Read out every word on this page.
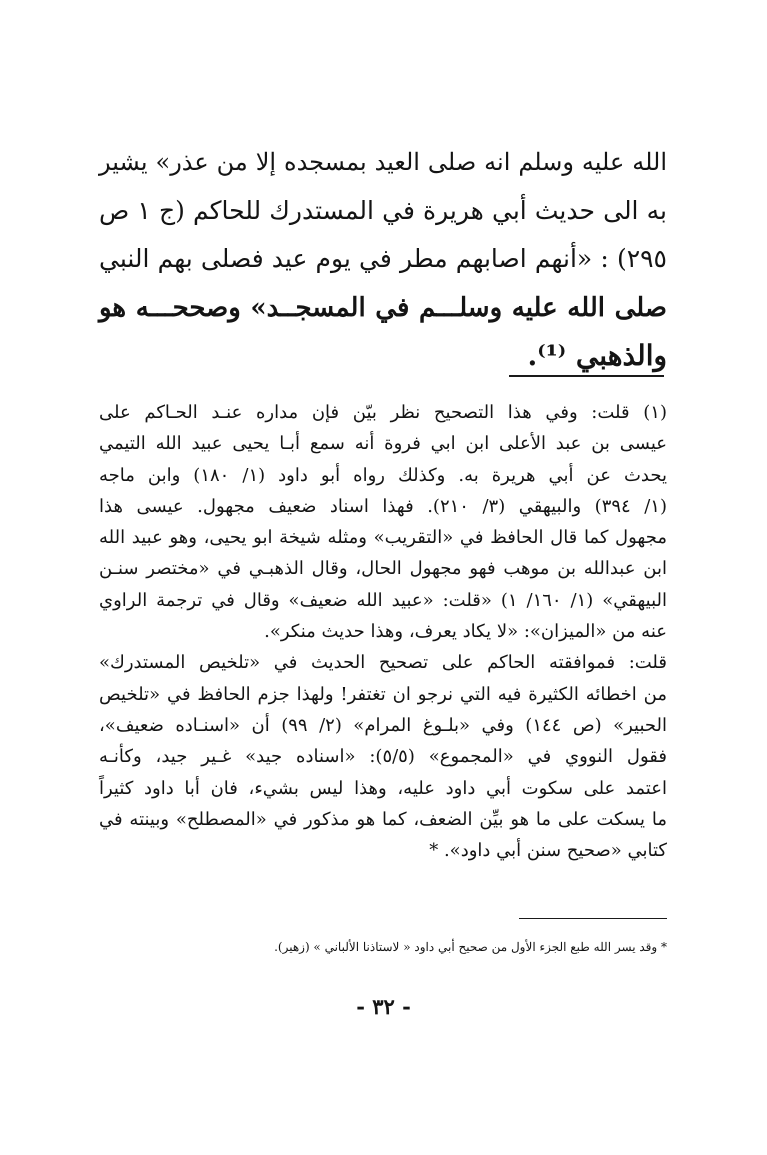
الله عليه وسلم انه صلى العيد بمسجده إلا من عذر» يشير
به الى حديث أبي هريرة في المستدرك للحاكم (ج ١ ص
٢٩٥) : «أنهم اصابهم مطر في يوم عيد فصلى بهم النبي
صلى الله عليه وسلـــم في المسجــد» وصححـــه هو
والذهبي ⁽¹⁾.
(١) قلت: وفي هذا التصحيح نظر بيّن فإن مداره عنـد الحـاكم على
عيسى بن عبد الأعلى ابن ابي فروة أنه سمع أبـا يحيى عبيد الله التيمي
يحدث عن أبي هريرة به. وكذلك رواه أبو داود (١/ ١٨٠) وابن ماجه
(١/ ٣٩٤) والبيهقي (٣/ ٢١٠). فهذا اسناد ضعيف مجهول. عيسى هذا
مجهول كما قال الحافظ في «التقريب» ومثله شيخة ابو يحيى، وهو عبيد الله
ابن عبدالله بن موهب فهو مجهول الحال، وقال الذهبـي في «مختصر سنـن
البيهقي» (١/ ١٦٠/ ١) «قلت: «عبيد الله ضعيف» وقال في ترجمة الراوي
عنه من «الميزان»: «لا يكاد يعرف، وهذا حديث منكر».
قلت: فموافقته الحاكم على تصحيح الحديث في «تلخيص المستدرك»
من اخطائه الكثيرة فيه التي نرجو ان تغتفر! ولهذا جزم الحافظ في «تلخيص
الحبير» (ص ١٤٤) وفي «بلـوغ المرام» (٢/ ٩٩) أن «اسنـاده ضعيف»،
فقول النووي في «المجموع» (٥/٥): «اسناده جيد» غـير جيد، وكأنـه
اعتمد على سكوت أبي داود عليه، وهذا ليس بشيء، فان أبا داود كثيراً
ما يسكت على ما هو بيِّن الضعف، كما هو مذكور في «المصطلح» وبينته في
كتابي «صحيح سنن أبي داود». *
* وقد يسر الله طبع الجزء الأول من صحيح أبي داود « لاستاذنا الألباني » (زهير).
- ٣٢ -
